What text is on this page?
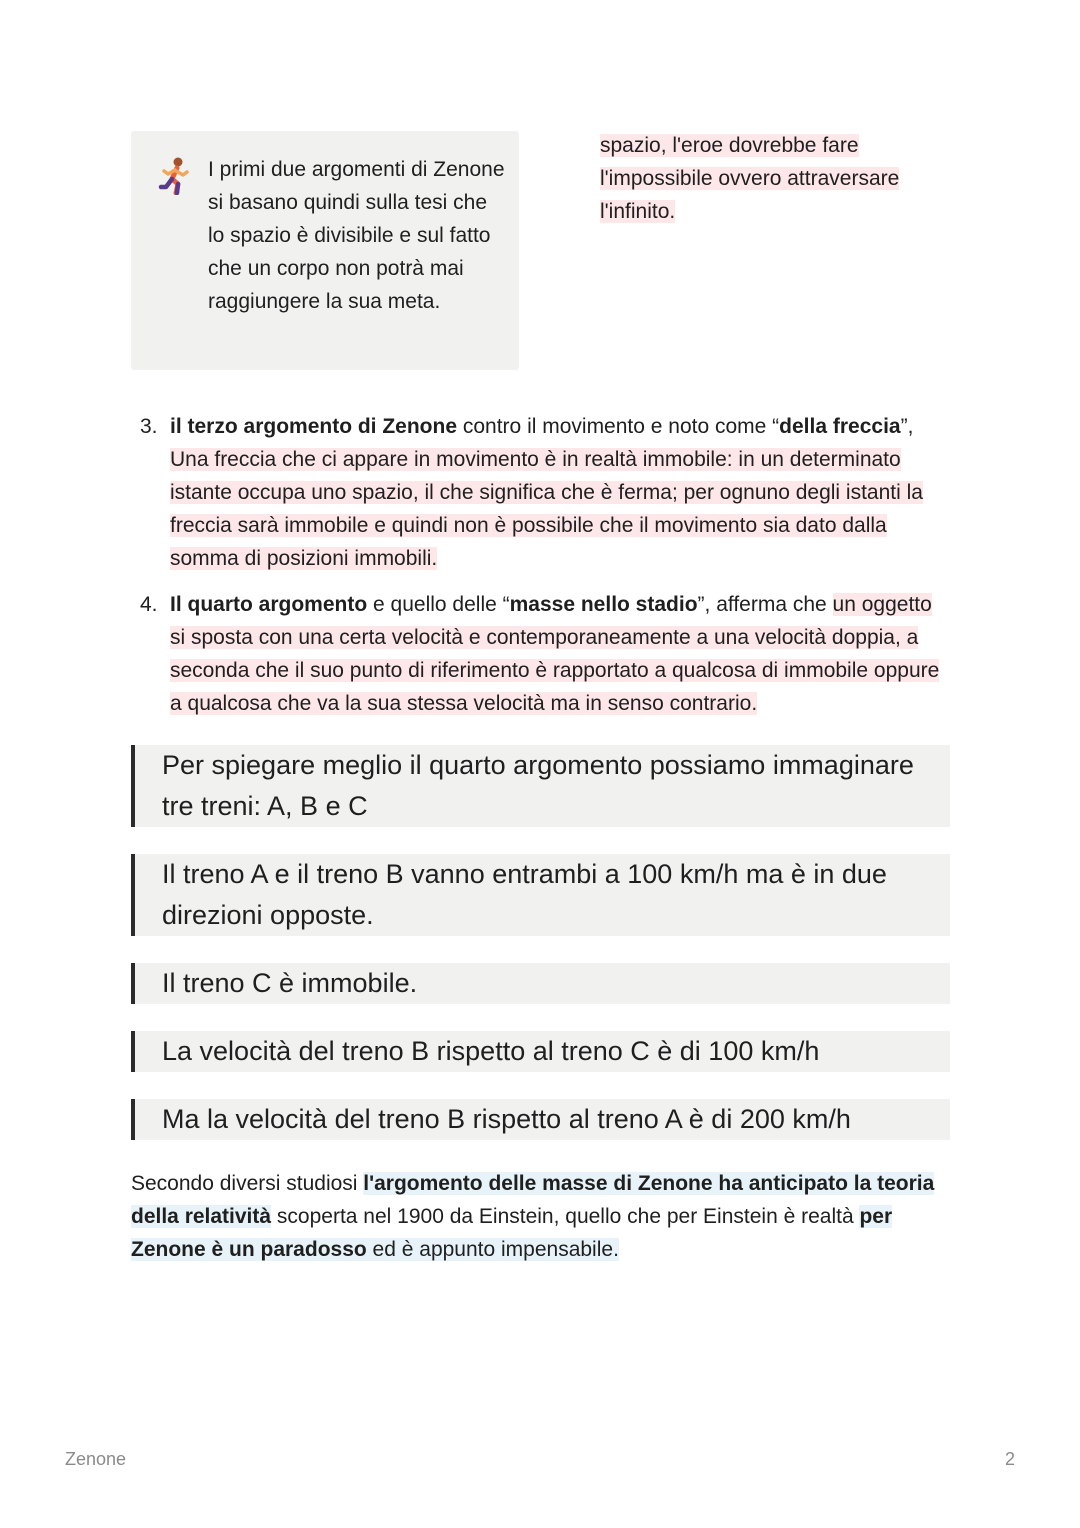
I primi due argomenti di Zenone si basano quindi sulla tesi che lo spazio è divisibile e sul fatto che un corpo non potrà mai raggiungere la sua meta.

spazio, l'eroe dovrebbe fare
l'impossibile ovvero attraversare
l'infinito.

3. il terzo argomento di Zenone contro il movimento e noto come “della freccia”, Una freccia che ci appare in movimento è in realtà immobile: in un determinato istante occupa uno spazio, il che significa che è ferma; per ognuno degli istanti la freccia sarà immobile e quindi non è possibile che il movimento sia dato dalla somma di posizioni immobili.
4. Il quarto argomento e quello delle “masse nello stadio”, afferma che un oggetto si sposta con una certa velocità e contemporaneamente a una velocità doppia, a seconda che il suo punto di riferimento è rapportato a qualcosa di immobile oppure a qualcosa che va la sua stessa velocità ma in senso contrario.
Per spiegare meglio il quarto argomento possiamo immaginare tre treni: A, B e C
Il treno A e il treno B vanno entrambi a 100 km/h ma è in due direzioni opposte.
Il treno C è immobile.
La velocità del treno B rispetto al treno C è di 100 km/h
Ma la velocità del treno B rispetto al treno A è di 200 km/h

Secondo diversi studiosi l'argomento delle masse di Zenone ha anticipato la teoria della relatività scoperta nel 1900 da Einstein, quello che per Einstein è realtà per Zenone è un paradosso ed è appunto impensabile.

Zenone	2
